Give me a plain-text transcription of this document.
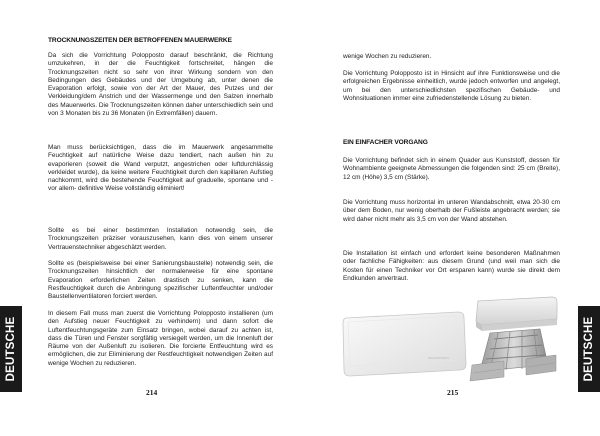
TROCKNUNGSZEITEN DER BETROFFENEN MAUERWERKE

Da sich die Vorrichtung Polopposto darauf beschränkt, die Richtung umzukehren, in der die Feuchtigkeit fortschreitet, hängen die Trocknungszeiten nicht so sehr von ihrer Wirkung sondern von den Bedingungen des Gebäudes und der Umgebung ab, unter denen die Evaporation erfolgt, sowie von der Art der Mauer, des Putzes und der Verkleidung/dem Anstrich und der Wassermenge und den Salzen innerhalb des Mauerwerks. Die Trocknungszeiten können daher unterschiedlich sein und von 3 Monaten bis zu 36 Monaten (in Extremfällen) dauern.

Man muss berücksichtigen, dass die im Mauerwerk angesammelte Feuchtigkeit auf natürliche Weise dazu tendiert, nach außen hin zu evaporieren (soweit die Wand verputzt, angestrichen oder luftdurchlässig verkleidet wurde), da keine weitere Feuchtigkeit durch den kapillaren Aufstieg nachkommt, wird die bestehende Feuchtigkeit auf graduelle, spontane und -vor allem- definitive Weise vollständig eliminiert!

Sollte es bei einer bestimmten Installation notwendig sein, die Trocknungszeiten präziser vorauszusehen, kann dies von einem unserer Vertrauenstechniker abgeschätzt werden.

Sollte es (beispielsweise bei einer Sanierungsbaustelle) notwendig sein, die Trocknungszeiten hinsichtlich der normalerweise für eine spontane Evaporation erforderlichen Zeiten drastisch zu senken, kann die Restfeuchtigkeit durch die Anbringung spezifischer Luftentfeuchter und/oder Baustellenventilatoren forciert werden.

In diesem Fall muss man zuerst die Vorrichtung Polopposto installieren (um den Aufstieg neuer Feuchtigkeit zu verhindern) und dann sofort die Luftentfeuchtungsgeräte zum Einsatz bringen, wobei darauf zu achten ist, dass die Türen und Fenster sorgfältig versiegelt werden, um die Innenluft der Räume von der Außenluft zu isolieren. Die forcierte Entfeuchtung wird es ermöglichen, die zur Eliminierung der Restfeuchtigkeit notwendigen Zeiten auf wenige Wochen zu reduzieren.

DEUTSCHE
214

wenige Wochen zu reduzieren.

Die Vorrichtung Polopposto ist in Hinsicht auf ihre Funktionsweise und die erfolgreichen Ergebnisse einheitlich, wurde jedoch entworfen und angelegt, um bei den unterschiedlichsten spezifischen Gebäude- und Wohnsituationen immer eine zufriedenstellende Lösung zu bieten.

EIN EINFACHER VORGANG

Die Vorrichtung befindet sich in einem Quader aus Kunststoff, dessen für Wohnambiente geeignete Abmessungen die folgenden sind: 25 cm (Breite), 12 cm (Höhe) 3,5 cm (Stärke).

Die Vorrichtung muss horizontal im unteren Wandabschnitt, etwa 20-30 cm über dem Boden, nur wenig oberhalb der Fußleiste angebracht werden; sie wird daher nicht mehr als 3,5 cm von der Wand abstehen.

Die Installation ist einfach und erfordert keine besonderen Maßnahmen oder fachliche Fähigkeiten: aus diesem Grund (und weil man sich die Kosten für einen Techniker vor Ort ersparen kann) wurde sie direkt dem Endkunden anvertraut.

POLOPPOSTO	DEUTSCHE
215
